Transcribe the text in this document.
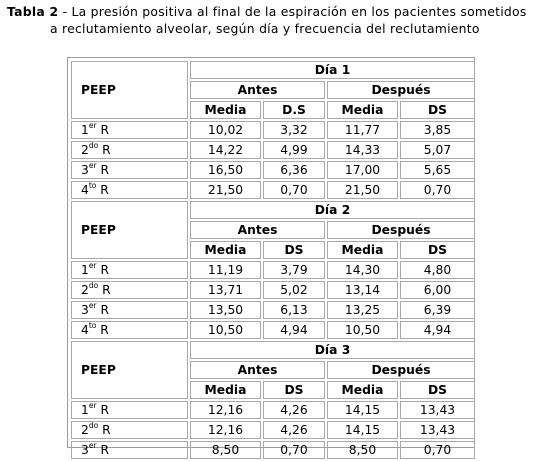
Tabla 2 - La presión positiva al final de la espiración en los pacientes sometidos
a reclutamiento alveolar, según día y frecuencia del reclutamiento
PEEP	Día 1			
	Antes		Después	
	Media	D.S	Media	DS
1er R	10,02	3,32	11,77	3,85
$2^{do}$ R	14,22	4,99	14,33	5,07
3er R	16,50	6,36	17,00	5,65
$4^{to}$ R	21,50	0,70	21,50	0,70
PEEP	Día 2			
	Antes		Después	
	Media	DS	Media	DS
1er R	11,19	3,79	14,30	4,80
$2^{do}$ R	13,71	5,02	13,14	6,00
3er R	13,50	6,13	13,25	6,39
$4^{to}$ R	10,50	4,94	10,50	4,94
PEEP	Día 3			
	Antes		Después	
	Media	DS	Media	DS
1er R	12,16	4,26	14,15	13,43
$2^{do}$ R	12,16	4,26	14,15	13,43
3er R	8,50	0,70	8,50	0,70
